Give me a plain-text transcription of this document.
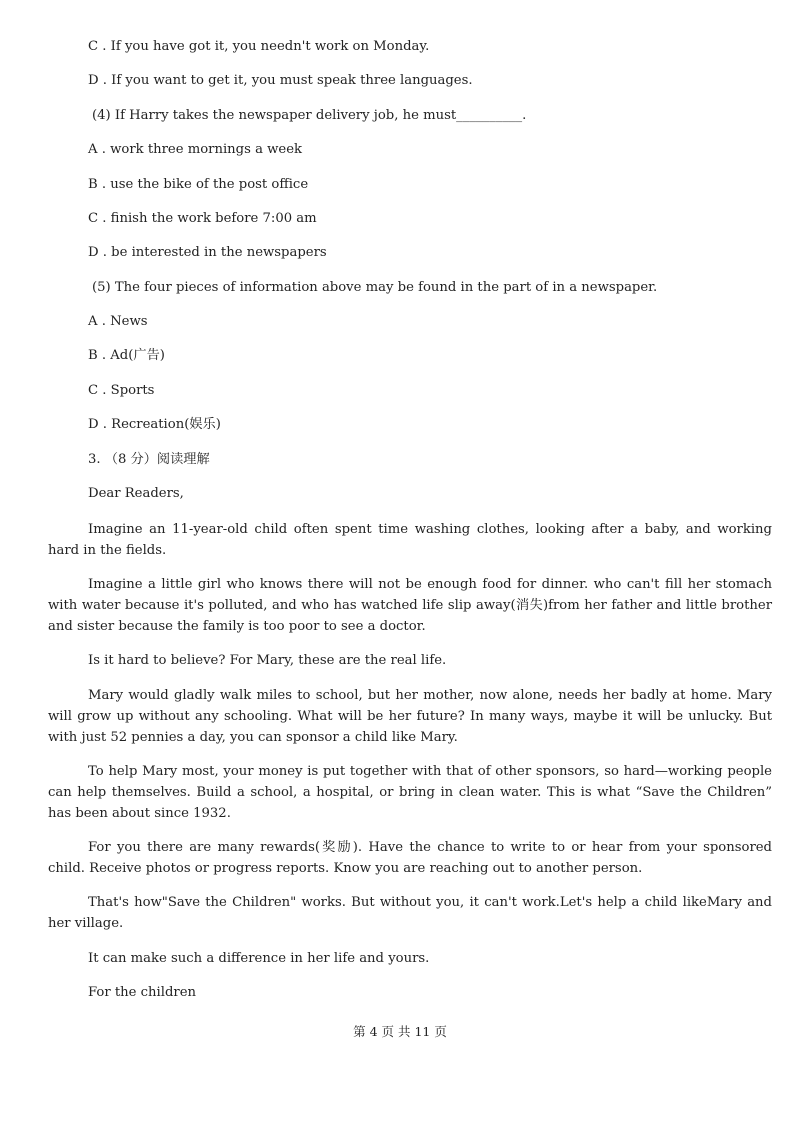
C . If you have got it, you needn't work on Monday.
D . If you want to get it, you must speak three languages.
(4) If Harry takes the newspaper delivery job, he must__________.
A . work three mornings a week
B . use the bike of the post office
C . finish the work before 7:00 am
D . be interested in the newspapers
(5) The four pieces of information above may be found in the part of in a newspaper.
A . News
B . Ad(广告)
C . Sports
D . Recreation(娱乐)
3. （8 分）阅读理解
Dear Readers,
Imagine an 11-year-old child often spent time washing clothes, looking after a baby, and working hard in the fields.
Imagine a little girl who knows there will not be enough food for dinner. who can't fill her stomach with water because it's polluted, and who has watched life slip away(消失)from her father and little brother and sister because the family is too poor to see a doctor.
Is it hard to believe? For Mary, these are the real life.
Mary would gladly walk miles to school, but her mother, now alone, needs her badly at home. Mary will grow up without any schooling. What will be her future? In many ways, maybe it will be unlucky. But with just 52 pennies a day, you can sponsor a child like Mary.
To help Mary most, your money is put together with that of other sponsors, so hard—working people can help themselves. Build a school, a hospital, or bring in clean water. This is what “Save the Children” has been about since 1932.
For you there are many rewards(奖励). Have the chance to write to or hear from your sponsored child. Receive photos or progress reports. Know you are reaching out to another person.
That's how"Save the Children" works. But without you, it can't work.Let's help a child likeMary and her village.
It can make such a difference in her life and yours.
For the children
第 4 页 共 11 页
